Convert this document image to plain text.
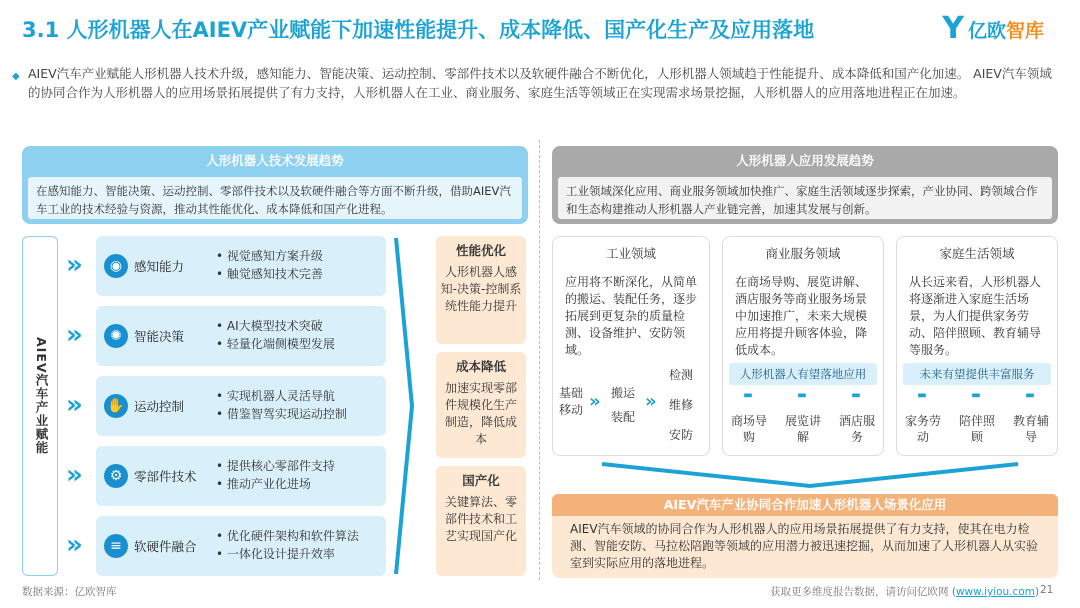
3.1 人形机器人在AIEV产业赋能下加速性能提升、成本降低、国产化生产及应用落地	Y 亿欧智库
◆ AIEV汽车产业赋能人形机器人技术升级，感知能力、智能决策、运动控制、零部件技术以及软硬件融合不断优化，人形机器人领域趋于性能提升、成本降低和国产化加速。 AIEV汽车领域的协同合作为人形机器人的应用场景拓展提供了有力支持，人形机器人在工业、商业服务、家庭生活等领域正在实现需求场景挖掘，人形机器人的应用落地进程正在加速。
人形机器人技术发展趋势
在感知能力、智能决策、运动控制、零部件技术以及软硬件融合等方面不断升级，借助AIEV汽车工业的技术经验与资源，推动其性能优化、成本降低和国产化进程。
AIEV汽车产业赋能
»	◉ 感知能力
• 视觉感知方案升级
• 触觉感知技术完善
»	✺ 智能决策
• AI大模型技术突破
• 轻量化端侧模型发展
» ✋ 运动控制
• 实现机器人灵活导航
• 借鉴智驾实现运动控制
»	⚙ 零部件技术
• 提供核心零部件支持
• 推动产业化进场
»	≡ 软硬件融合
• 优化硬件架构和软件算法
• 一体化设计提升效率
性能优化
人形机器人感知-决策-控制系统性能力提升
成本降低
加速实现零部件规模化生产制造，降低成本
国产化
关键算法、零部件技术和工艺实现国产化
人形机器人应用发展趋势
工业领域深化应用、商业服务领域加快推广、家庭生活领域逐步探索，产业协同、跨领域合作和生态构建推动人形机器人产业链完善，加速其发展与创新。
工业领域
应用将不断深化，从简单的搬运、装配任务，逐步拓展到更复杂的质量检测、设备维护、安防领域。
基础移动 » 搬运
装配
»
检测
维修
安防
商业服务领域
在商场导购、展览讲解、酒店服务等商业服务场景中加速推广，未来大规模应用将提升顾客体验，降低成本。
人形机器人有望落地应用
▬	▬	▬
商场导购
展览讲解
酒店服务
家庭生活领域
从长远来看，人形机器人将逐渐进入家庭生活场景，为人们提供家务劳动、陪伴照顾、教育辅导等服务。
未来有望提供丰富服务
▬	▬	▬
家务劳动
陪伴照顾
教育辅导
AIEV汽车产业协同合作加速人形机器人场景化应用
AIEV汽车领域的协同合作为人形机器人的应用场景拓展提供了有力支持，使其在电力检测、智能安防、马拉松陪跑等领域的应用潜力被迅速挖掘，从而加速了人形机器人从实验室到实际应用的落地进程。
数据来源：亿欧智库	获取更多维度报告数据，请访问亿欧网 (www.iyiou.com) 21
